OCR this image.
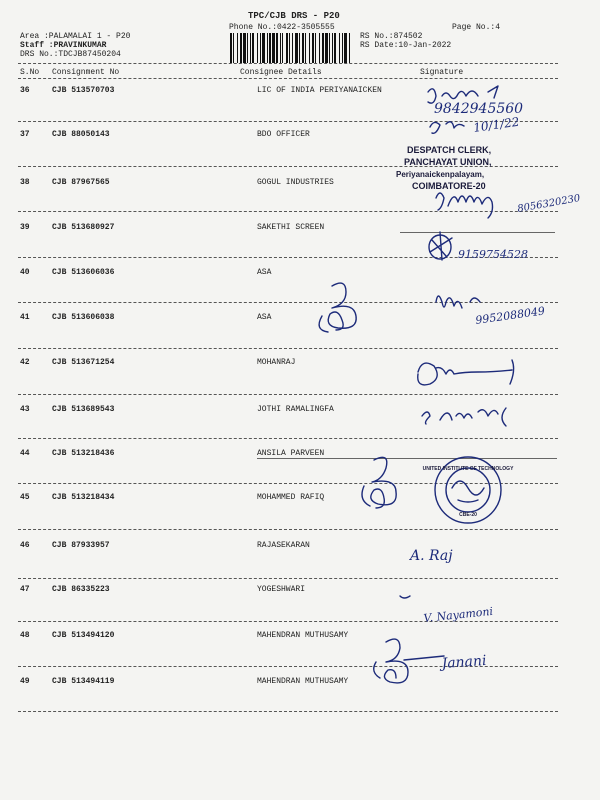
TPC/CJB DRS - P20
Phone No.:0422-3505555	Page No.:4
Area :PALAMALAI 1 - P20
Staff :PRAVINKUMAR
DRS No.:TDCJB87450204
RS No.:874502
RS Date:10-Jan-2022
S.No Consignment No	Consignee Details	Signature
36	CJB 513570703	LIC OF INDIA PERIYANAICKEN
37	CJB 88050143	BDO OFFICER
38	CJB 87967565	GOGUL INDUSTRIES
39	CJB 513680927	SAKETHI SCREEN
40	CJB 513606036	ASA
41	CJB 513606038	ASA
42	CJB 513671254	MOHANRAJ
43	CJB 513689543	JOTHI RAMALINGFA
44	CJB 513218436	ANSILA PARVEEN
45	CJB 513218434	MOHAMMED RAFIQ
46	CJB 87933957	RAJASEKARAN
47	CJB 86335223	YOGESHWARI
48	CJB 513494120	MAHENDRAN MUTHUSAMY
49	CJB 513494119	MAHENDRAN MUTHUSAMY
9842945560
10/1/22
DESPATCH CLERK,
PANCHAYAT UNION,
Periyanaickenpalayam,
COIMBATORE-20
8056320230
9159754528
9952088049
UNITED INSTITUTE OF TECHNOLOGY
CBE-20
A. Raj
V. Nayamoni
Janani
